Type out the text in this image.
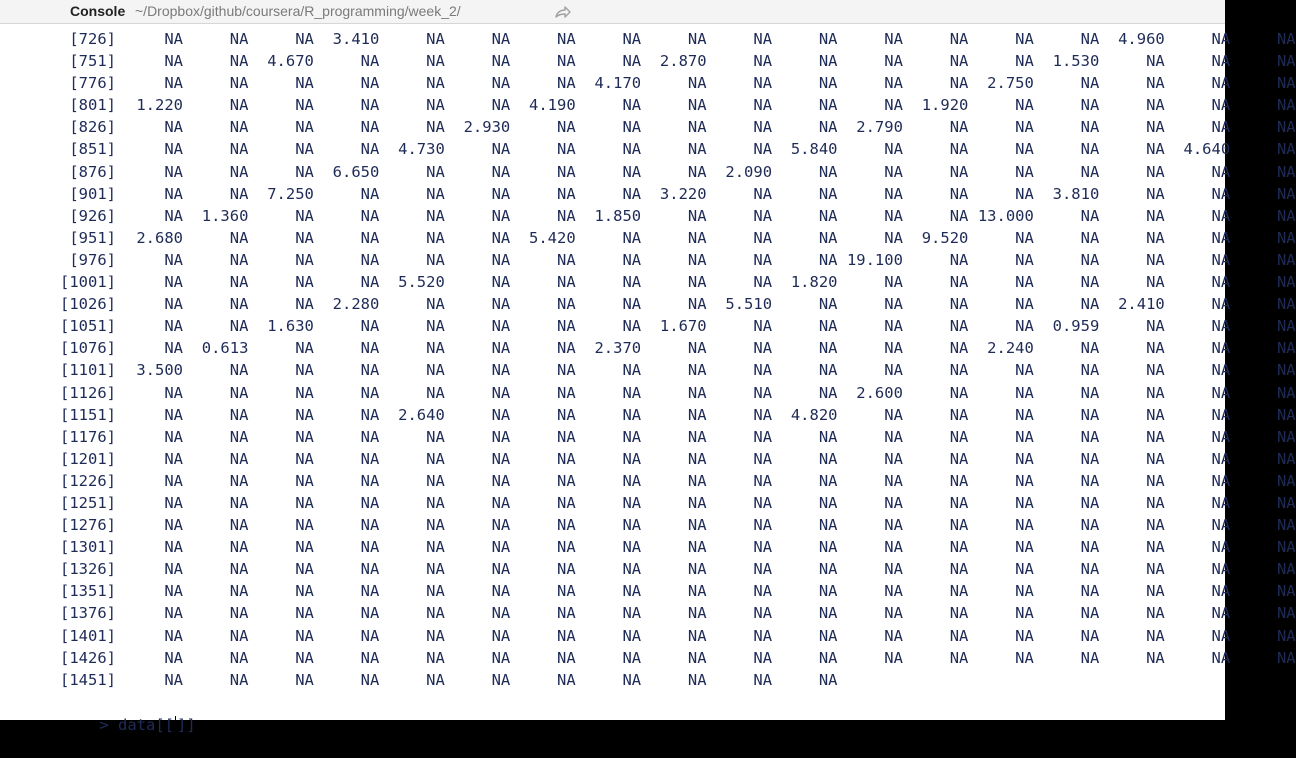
Console ~/Dropbox/github/coursera/R_programming/week_2/
[726]	NA	NA	NA	3.410	NA	NA	NA	NA	NA	NA	NA	NA	NA	NA	NA	4.960	NA	NA
[751]	NA	NA	4.670	NA	NA	NA	NA	NA	2.870	NA	NA	NA	NA	NA	1.530	NA	NA	NA
[776]	NA	NA	NA	NA	NA	NA	NA	4.170	NA	NA	NA	NA	NA	2.750	NA	NA	NA	NA
[801]	1.220	NA	NA	NA	NA	NA	4.190	NA	NA	NA	NA	NA	1.920	NA	NA	NA	NA	NA
[826]	NA	NA	NA	NA	NA	2.930	NA	NA	NA	NA	NA	2.790	NA	NA	NA	NA	NA	NA
[851]	NA	NA	NA	NA	4.730	NA	NA	NA	NA	NA	5.840	NA	NA	NA	NA	NA	4.640	NA
[876]	NA	NA	NA	6.650	NA	NA	NA	NA	NA	2.090	NA	NA	NA	NA	NA	NA	NA	NA
[901]	NA	NA	7.250	NA	NA	NA	NA	NA	3.220	NA	NA	NA	NA	NA	3.810	NA	NA	NA
[926]	NA	1.360	NA	NA	NA	NA	NA	1.850	NA	NA	NA	NA	NA 13.000	NA	NA	NA	NA
[951]	2.680	NA	NA	NA	NA	NA	5.420	NA	NA	NA	NA	NA	9.520	NA	NA	NA	NA	NA
[976]	NA	NA	NA	NA	NA	NA	NA	NA	NA	NA	NA 19.100	NA	NA	NA	NA	NA	NA
[1001]	NA	NA	NA	NA	5.520	NA	NA	NA	NA	NA	1.820	NA	NA	NA	NA	NA	NA	NA
[1026]	NA	NA	NA	2.280	NA	NA	NA	NA	NA	5.510	NA	NA	NA	NA	NA	2.410	NA	NA
[1051]	NA	NA	1.630	NA	NA	NA	NA	NA	1.670	NA	NA	NA	NA	NA	0.959	NA	NA	NA
[1076]	NA	0.613	NA	NA	NA	NA	NA	2.370	NA	NA	NA	NA	NA	2.240	NA	NA	NA	NA
[1101]	3.500	NA	NA	NA	NA	NA	NA	NA	NA	NA	NA	NA	NA	NA	NA	NA	NA	NA
[1126]	NA	NA	NA	NA	NA	NA	NA	NA	NA	NA	NA	2.600	NA	NA	NA	NA	NA	NA
[1151]	NA	NA	NA	NA	2.640	NA	NA	NA	NA	NA	4.820	NA	NA	NA	NA	NA	NA	NA
[1176]	NA	NA	NA	NA	NA	NA	NA	NA	NA	NA	NA	NA	NA	NA	NA	NA	NA	NA
[1201]	NA	NA	NA	NA	NA	NA	NA	NA	NA	NA	NA	NA	NA	NA	NA	NA	NA	NA
[1226]	NA	NA	NA	NA	NA	NA	NA	NA	NA	NA	NA	NA	NA	NA	NA	NA	NA	NA
[1251]	NA	NA	NA	NA	NA	NA	NA	NA	NA	NA	NA	NA	NA	NA	NA	NA	NA	NA
[1276]	NA	NA	NA	NA	NA	NA	NA	NA	NA	NA	NA	NA	NA	NA	NA	NA	NA	NA
[1301]	NA	NA	NA	NA	NA	NA	NA	NA	NA	NA	NA	NA	NA	NA	NA	NA	NA	NA
[1326]	NA	NA	NA	NA	NA	NA	NA	NA	NA	NA	NA	NA	NA	NA	NA	NA	NA	NA
[1351]	NA	NA	NA	NA	NA	NA	NA	NA	NA	NA	NA	NA	NA	NA	NA	NA	NA	NA
[1376]	NA	NA	NA	NA	NA	NA	NA	NA	NA	NA	NA	NA	NA	NA	NA	NA	NA	NA
[1401]	NA	NA	NA	NA	NA	NA	NA	NA	NA	NA	NA	NA	NA	NA	NA	NA	NA	NA
[1426]	NA	NA	NA	NA	NA	NA	NA	NA	NA	NA	NA	NA	NA	NA	NA	NA	NA	NA
[1451]	NA	NA	NA	NA	NA	NA	NA	NA	NA	NA	NA

> data[[ ]]
